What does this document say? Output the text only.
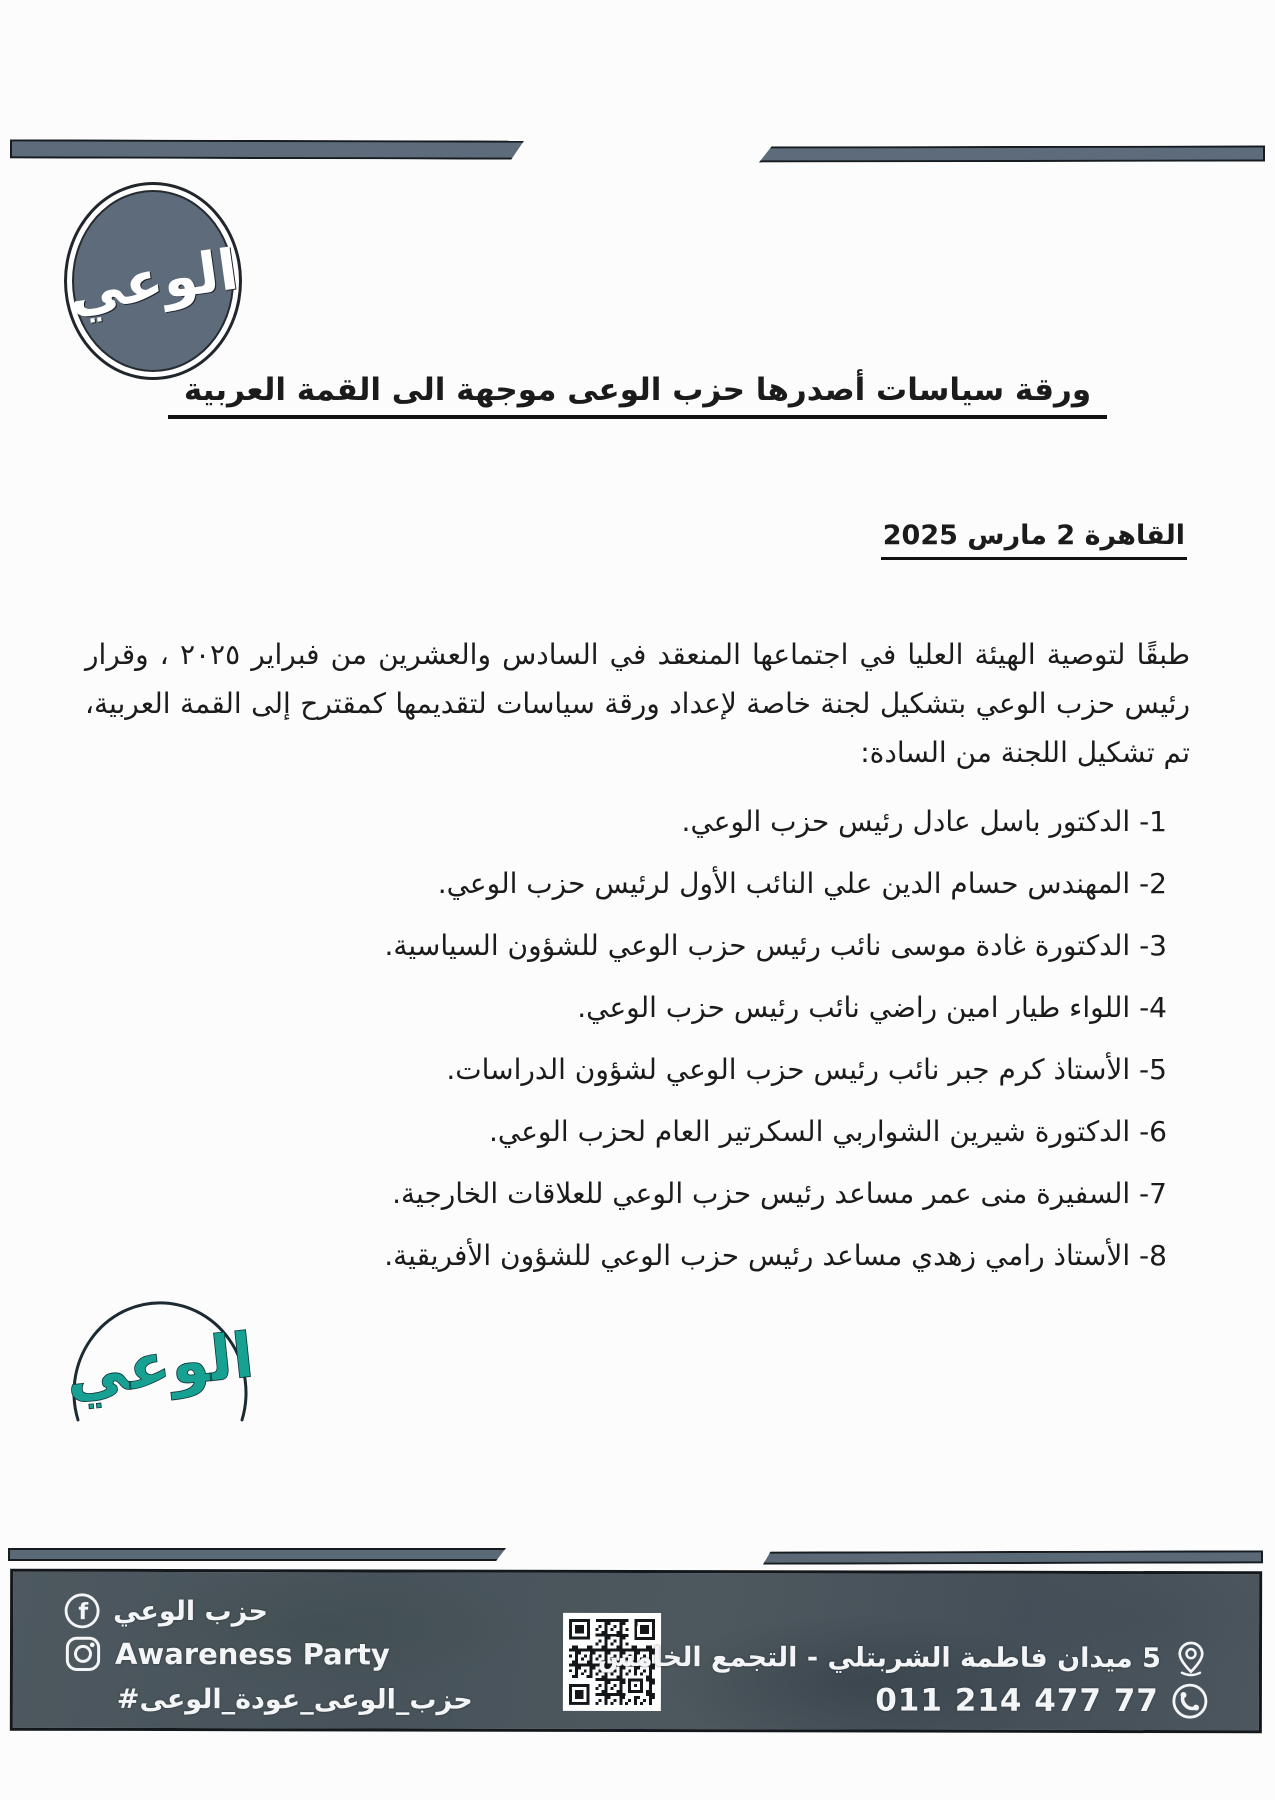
الوعي
ورقة سياسات أصدرها حزب الوعى موجهة الى القمة العربية
القاهرة 2 مارس 2025

طبقًا لتوصية الهيئة العليا في اجتماعها المنعقد في السادس والعشرين من فبراير ٢٠٢٥ ، وقرار رئيس حزب الوعي بتشكيل لجنة خاصة لإعداد ورقة سياسات لتقديمها كمقترح إلى القمة العربية، تم تشكيل اللجنة من السادة:

1- الدكتور باسل عادل رئيس حزب الوعي.
2- المهندس حسام الدين علي النائب الأول لرئيس حزب الوعي.
3- الدكتورة غادة موسى نائب رئيس حزب الوعي للشؤون السياسية.
4- اللواء طيار امين راضي نائب رئيس حزب الوعي.
5- الأستاذ كرم جبر نائب رئيس حزب الوعي لشؤون الدراسات.
6- الدكتورة شيرين الشواربي السكرتير العام لحزب الوعي.
7- السفيرة منى عمر مساعد رئيس حزب الوعي للعلاقات الخارجية.
8- الأستاذ رامي زهدي مساعد رئيس حزب الوعي للشؤون الأفريقية.
الوعي
f حزب الوعي
Awareness Party
#حزب_الوعى_عودة_الوعى
5 ميدان فاطمة الشربتلي - التجمع الخامس
011 214 477 77
